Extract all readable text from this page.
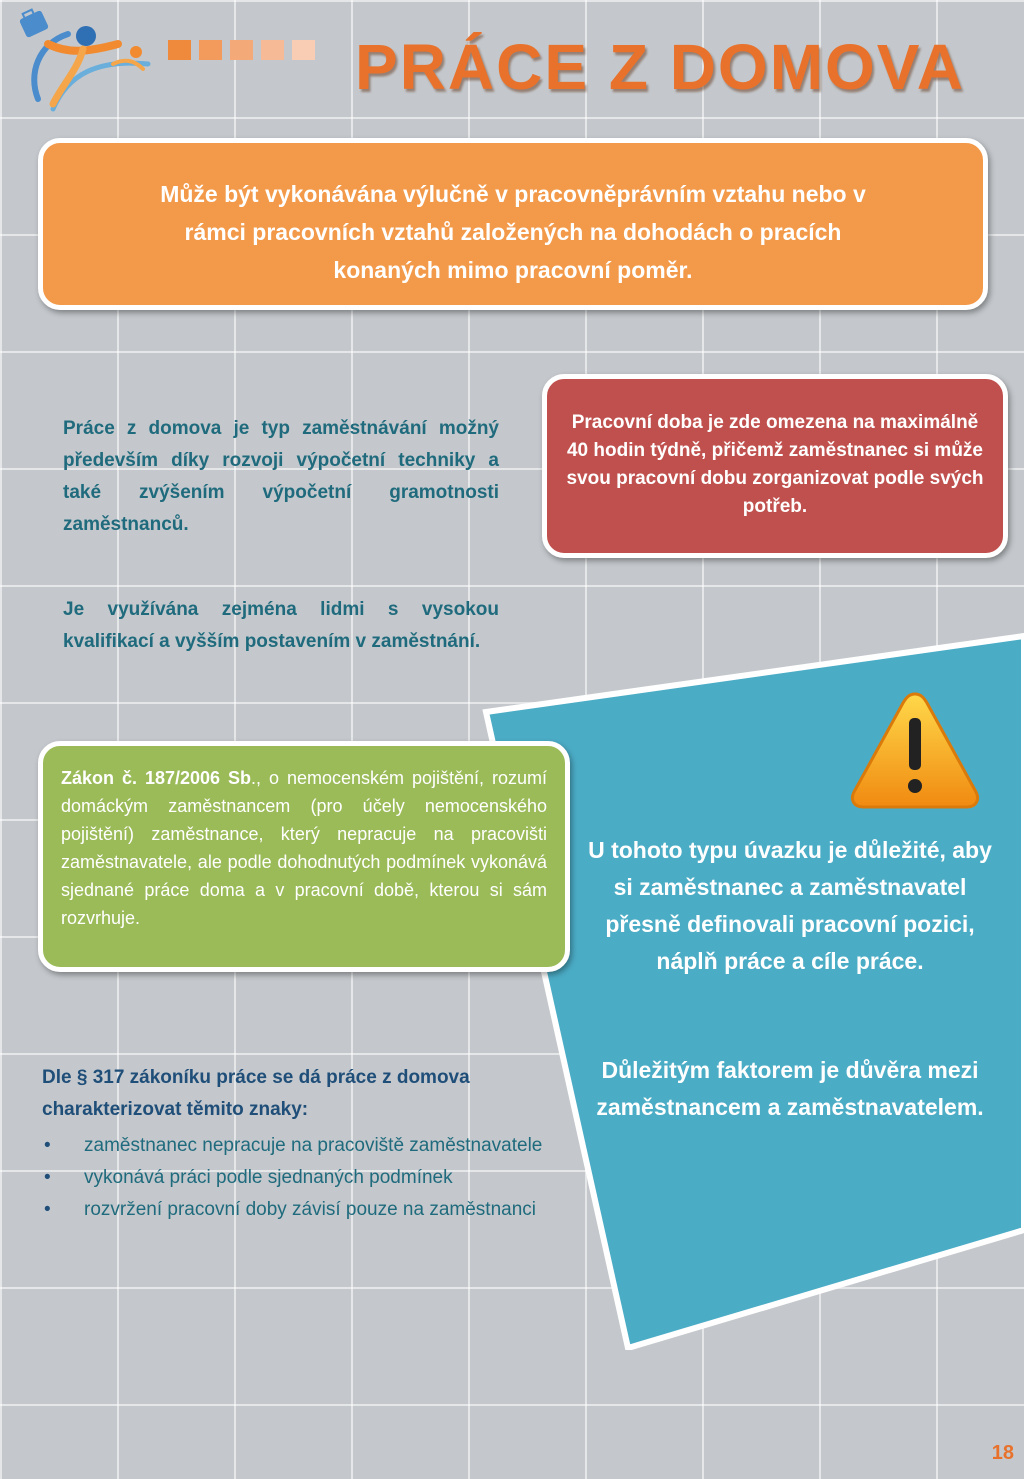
PRÁCE Z DOMOVA
Může být vykonávána výlučně v pracovněprávním vztahu nebo v rámci pracovních vztahů založených na dohodách o pracích konaných mimo pracovní poměr.
Práce z domova je typ zaměstnávání možný především díky rozvoji výpočetní techniky a také zvýšením výpočetní gramotnosti zaměstnanců.
Je využívána zejména lidmi s vysokou kvalifikací a vyšším postavením v zaměstnání.
Pracovní doba je zde omezena na maximálně 40 hodin týdně, přičemž zaměstnanec si může svou pracovní dobu zorganizovat podle svých potřeb.
U tohoto typu úvazku je důležité, aby si zaměstnanec a zaměstnavatel přesně definovali pracovní pozici, náplň práce a cíle práce.
Důležitým faktorem je důvěra mezi zaměstnancem a zaměstnavatelem.
Zákon č. 187/2006 Sb., o nemocenském pojištění, rozumí domáckým zaměstnancem (pro účely nemocenského pojištění) zaměstnance, který nepracuje na pracovišti zaměstnavatele, ale podle dohodnutých podmínek vykonává sjednané práce doma a v pracovní době, kterou si sám rozvrhuje.
Dle § 317 zákoníku práce se dá práce z domova charakterizovat těmito znaky:
• zaměstnanec nepracuje na pracoviště zaměstnavatele
• vykonává práci podle sjednaných podmínek
• rozvržení pracovní doby závisí pouze na zaměstnanci
18
